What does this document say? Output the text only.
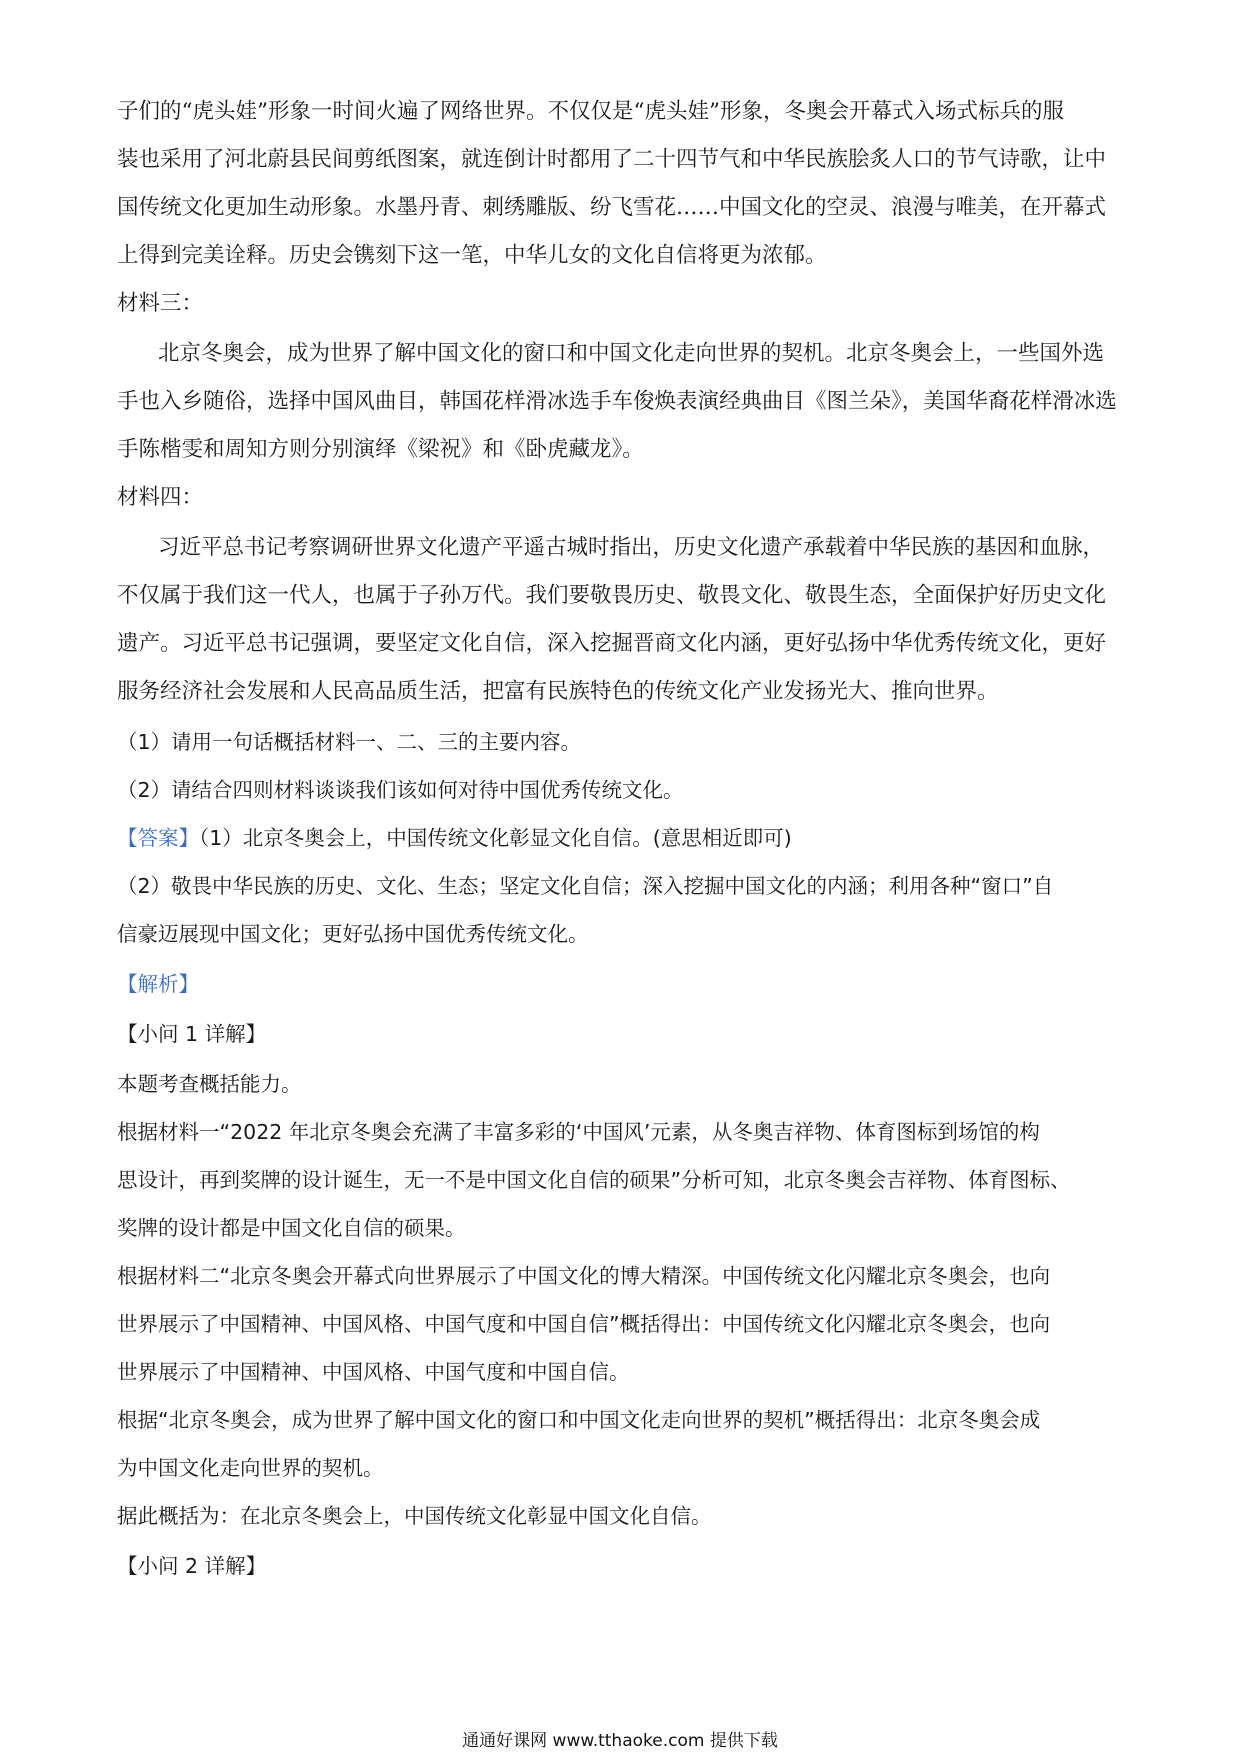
子们的“虎头娃”形象一时间火遍了网络世界。不仅仅是“虎头娃”形象，冬奥会开幕式入场式标兵的服
装也采用了河北蔚县民间剪纸图案，就连倒计时都用了二十四节气和中华民族脍炙人口的节气诗歌，让中
国传统文化更加生动形象。水墨丹青、刺绣雕版、纷飞雪花……中国文化的空灵、浪漫与唯美，在开幕式
上得到完美诠释。历史会镌刻下这一笔，中华儿女的文化自信将更为浓郁。
材料三：
北京冬奥会，成为世界了解中国文化的窗口和中国文化走向世界的契机。北京冬奥会上，一些国外选
手也入乡随俗，选择中国风曲目，韩国花样滑冰选手车俊焕表演经典曲目《图兰朵》，美国华裔花样滑冰选
手陈楷雯和周知方则分别演绎《梁祝》和《卧虎藏龙》。
材料四：
习近平总书记考察调研世界文化遗产平遥古城时指出，历史文化遗产承载着中华民族的基因和血脉，
不仅属于我们这一代人，也属于子孙万代。我们要敬畏历史、敬畏文化、敬畏生态，全面保护好历史文化
遗产。习近平总书记强调，要坚定文化自信，深入挖掘晋商文化内涵，更好弘扬中华优秀传统文化，更好
服务经济社会发展和人民高品质生活，把富有民族特色的传统文化产业发扬光大、推向世界。
（1）请用一句话概括材料一、二、三的主要内容。
（2）请结合四则材料谈谈我们该如何对待中国优秀传统文化。
【答案】（1）北京冬奥会上，中国传统文化彰显文化自信。(意思相近即可)
（2）敬畏中华民族的历史、文化、生态；坚定文化自信；深入挖掘中国文化的内涵；利用各种“窗口”自
信豪迈展现中国文化；更好弘扬中国优秀传统文化。
【解析】
【小问 1 详解】
本题考查概括能力。
根据材料一“2022 年北京冬奥会充满了丰富多彩的‘中国风’元素，从冬奥吉祥物、体育图标到场馆的构
思设计，再到奖牌的设计诞生，无一不是中国文化自信的硕果”分析可知，北京冬奥会吉祥物、体育图标、
奖牌的设计都是中国文化自信的硕果。
根据材料二“北京冬奥会开幕式向世界展示了中国文化的博大精深。中国传统文化闪耀北京冬奥会，也向
世界展示了中国精神、中国风格、中国气度和中国自信”概括得出：中国传统文化闪耀北京冬奥会，也向
世界展示了中国精神、中国风格、中国气度和中国自信。
根据“北京冬奥会，成为世界了解中国文化的窗口和中国文化走向世界的契机”概括得出：北京冬奥会成
为中国文化走向世界的契机。
据此概括为：在北京冬奥会上，中国传统文化彰显中国文化自信。
【小问 2 详解】
通通好课网 www.tthaoke.com 提供下载
